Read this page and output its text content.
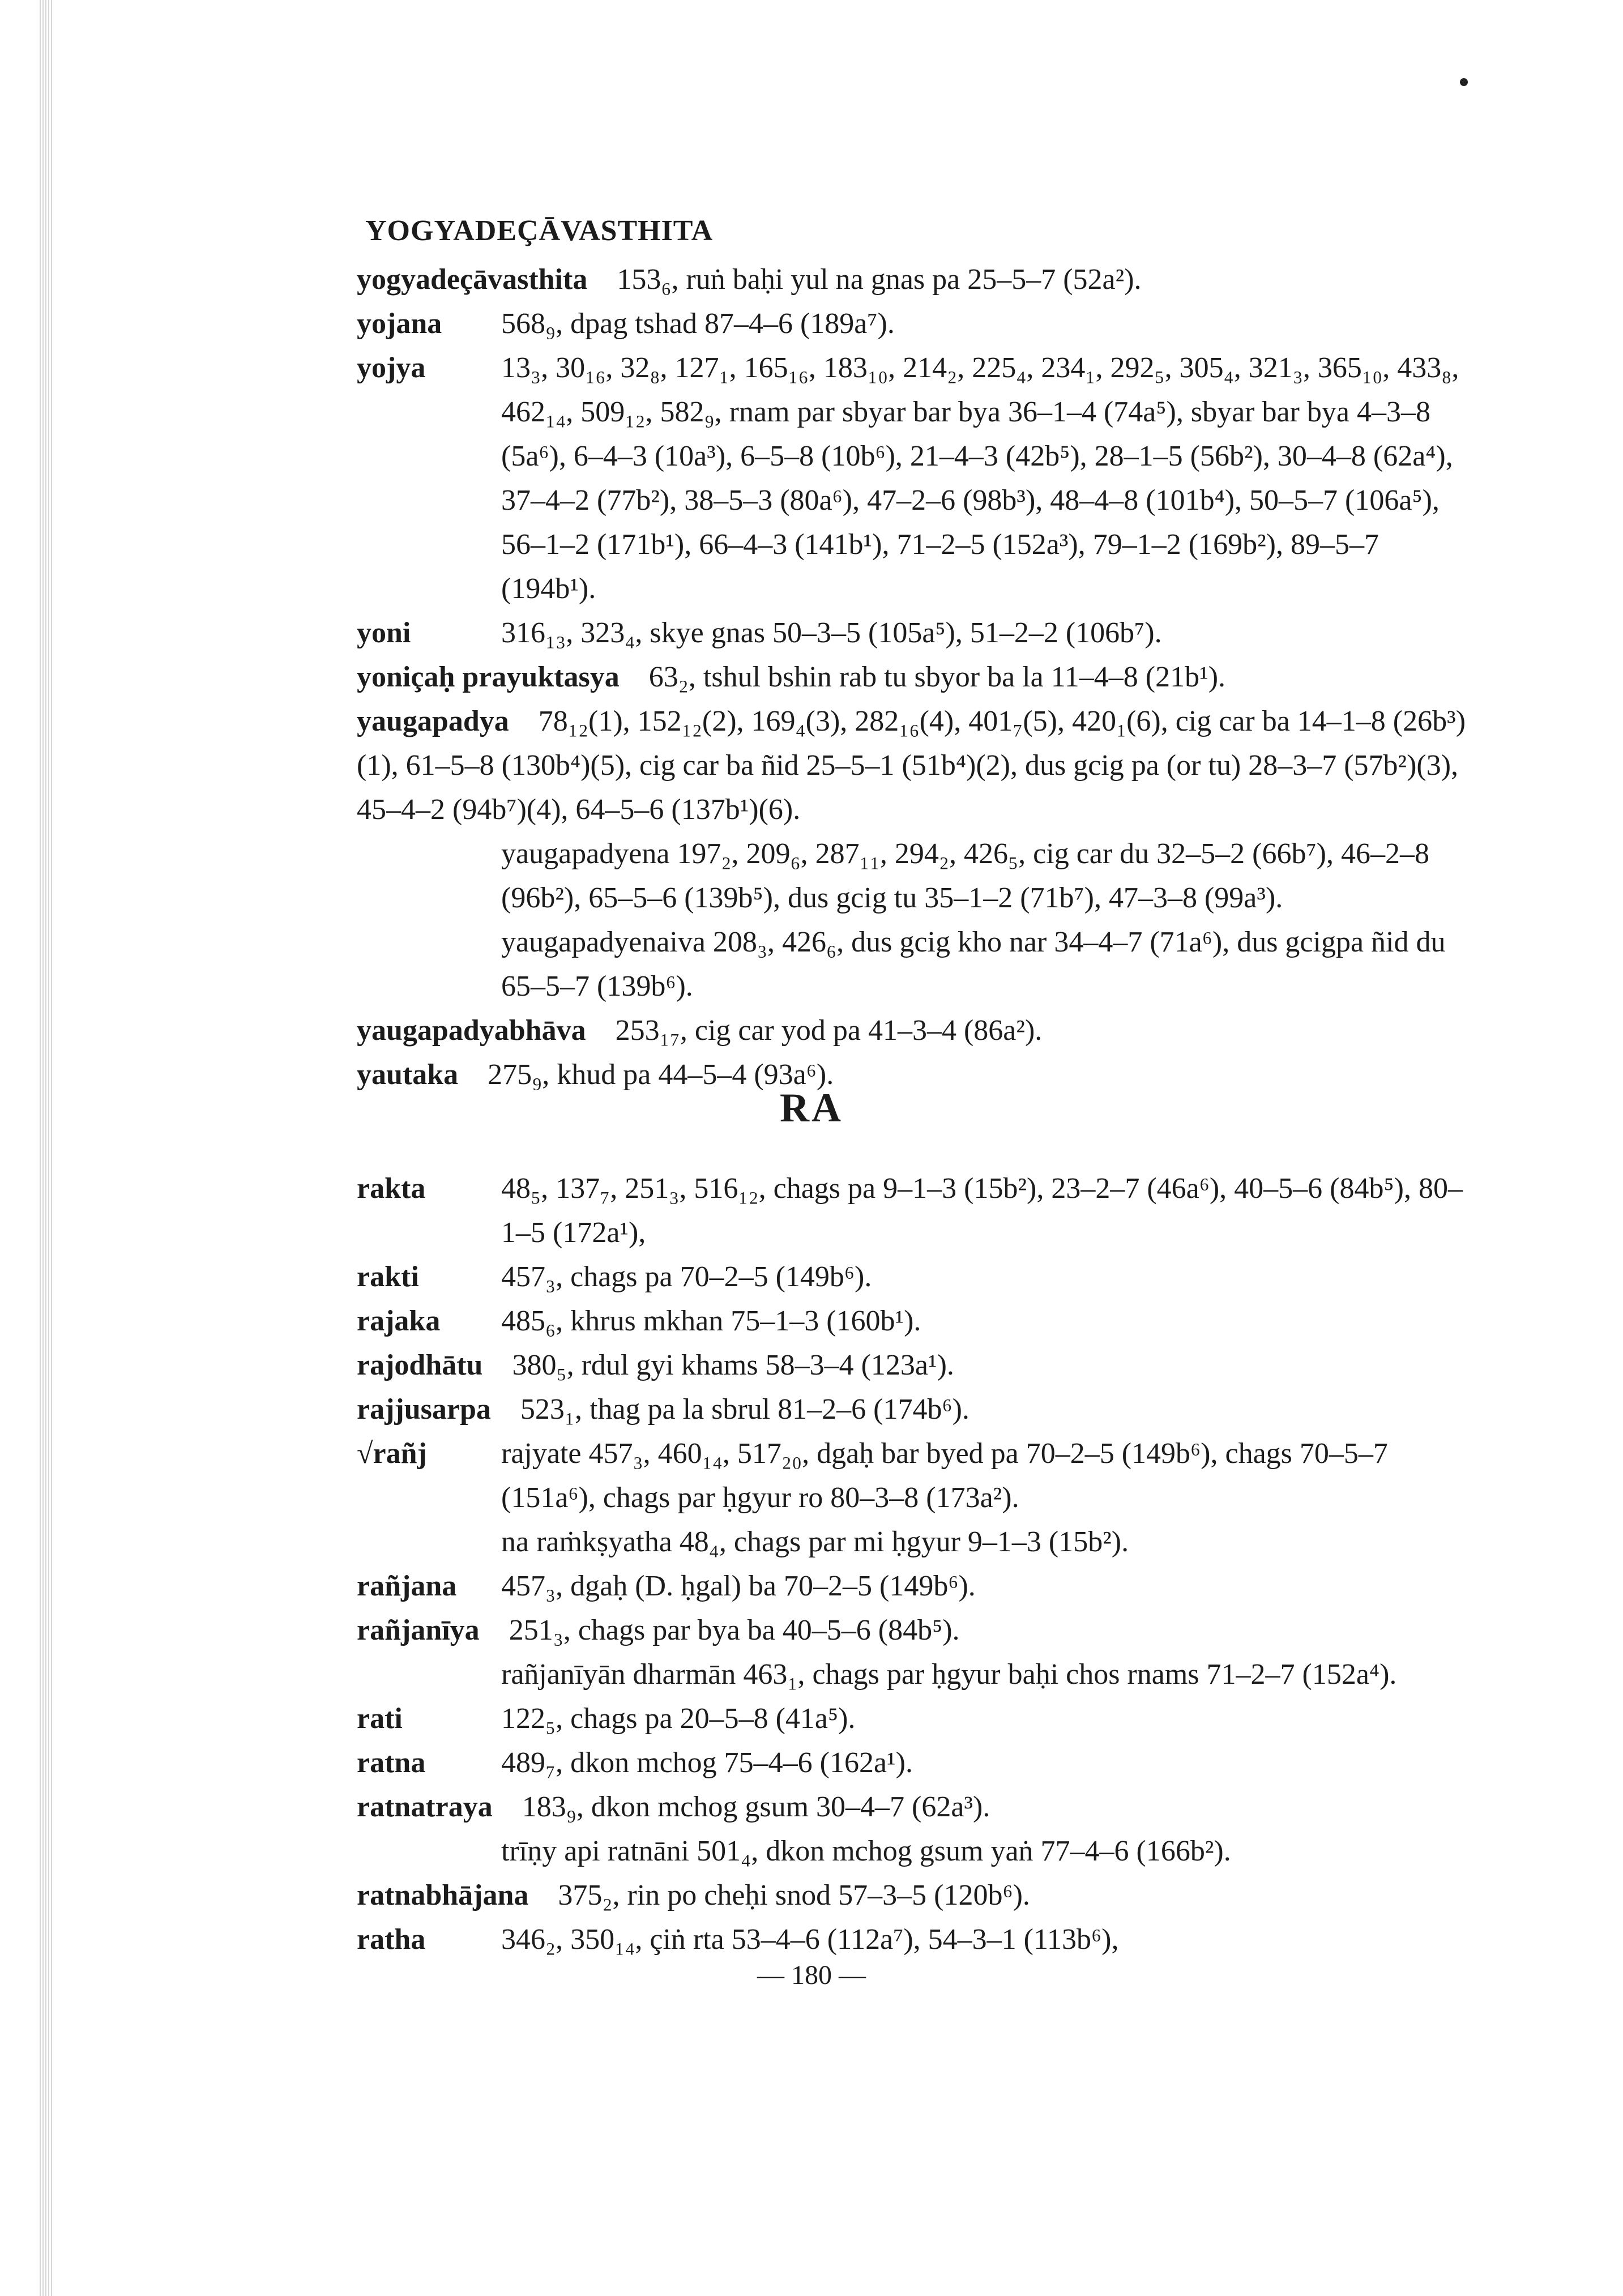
YOGYADEÇĀVASTHITA

yogyadeçāvasthita  153₆, ruṅ baḥi yul na gnas pa 25–5–7 (52a²).

yojana 568₉, dpag tshad 87–4–6 (189a⁷).

yojya	13₃, 30₁₆, 32₈, 127₁, 165₁₆, 183₁₀, 214₂, 225₄, 234₁, 292₅, 305₄, 321₃, 365₁₀, 433₈, 462₁₄, 509₁₂, 582₉, rnam par sbyar bar bya 36–1–4 (74a⁵), sbyar bar bya 4–3–8 (5a⁶), 6–4–3 (10a³), 6–5–8 (10b⁶), 21–4–3 (42b⁵), 28–1–5 (56b²), 30–4–8 (62a⁴), 37–4–2 (77b²), 38–5–3 (80a⁶), 47–2–6 (98b³), 48–4–8 (101b⁴), 50–5–7 (106a⁵), 56–1–2 (171b¹), 66–4–3 (141b¹), 71–2–5 (152a³), 79–1–2 (169b²), 89–5–7 (194b¹).

yoni	316₁₃, 323₄, skye gnas 50–3–5 (105a⁵), 51–2–2 (106b⁷).

yoniçaḥ prayuktasya  63₂, tshul bshin rab tu sbyor ba la 11–4–8 (21b¹).

yaugapadya  78₁₂(1), 152₁₂(2), 169₄(3), 282₁₆(4), 401₇(5), 420₁(6), cig car ba 14–1–8 (26b³)(1), 61–5–8 (130b⁴)(5), cig car ba ñid 25–5–1 (51b⁴)(2), dus gcig pa (or tu) 28–3–7 (57b²)(3), 45–4–2 (94b⁷)(4), 64–5–6 (137b¹)(6).

yaugapadyena 197₂, 209₆, 287₁₁, 294₂, 426₅, cig car du 32–5–2 (66b⁷), 46–2–8 (96b²), 65–5–6 (139b⁵), dus gcig tu 35–1–2 (71b⁷), 47–3–8 (99a³).

yaugapadyenaiva 208₃, 426₆, dus gcig kho nar 34–4–7 (71a⁶), dus gcigpa ñid du 65–5–7 (139b⁶).

yaugapadyabhāva  253₁₇, cig car yod pa 41–3–4 (86a²).

yautaka  275₉, khud pa 44–5–4 (93a⁶).

RA

rakta	48₅, 137₇, 251₃, 516₁₂, chags pa 9–1–3 (15b²), 23–2–7 (46a⁶), 40–5–6 (84b⁵), 80–1–5 (172a¹),

rakti	457₃, chags pa 70–2–5 (149b⁶).

rajaka 485₆, khrus mkhan 75–1–3 (160b¹).

rajodhātu  380₅, rdul gyi khams 58–3–4 (123a¹).

rajjusarpa  523₁, thag pa la sbrul 81–2–6 (174b⁶).

√rañj	rajyate 457₃, 460₁₄, 517₂₀, dgaḥ bar byed pa 70–2–5 (149b⁶), chags 70–5–7 (151a⁶), chags par ḥgyur ro 80–3–8 (173a²).

na raṁkṣyatha 48₄, chags par mi ḥgyur 9–1–3 (15b²).

rañjana 457₃, dgaḥ (D. ḥgal) ba 70–2–5 (149b⁶).

rañjanīya  251₃, chags par bya ba 40–5–6 (84b⁵).

rañjanīyān dharmān 463₁, chags par ḥgyur baḥi chos rnams 71–2–7 (152a⁴).

rati	122₅, chags pa 20–5–8 (41a⁵).

ratna	489₇, dkon mchog 75–4–6 (162a¹).

ratnatraya  183₉, dkon mchog gsum 30–4–7 (62a³).

trīṇy api ratnāni 501₄, dkon mchog gsum yaṅ 77–4–6 (166b²).

ratnabhājana  375₂, rin po cheḥi snod 57–3–5 (120b⁶).

ratha	346₂, 350₁₄, çiṅ rta 53–4–6 (112a⁷), 54–3–1 (113b⁶),

— 180 —
